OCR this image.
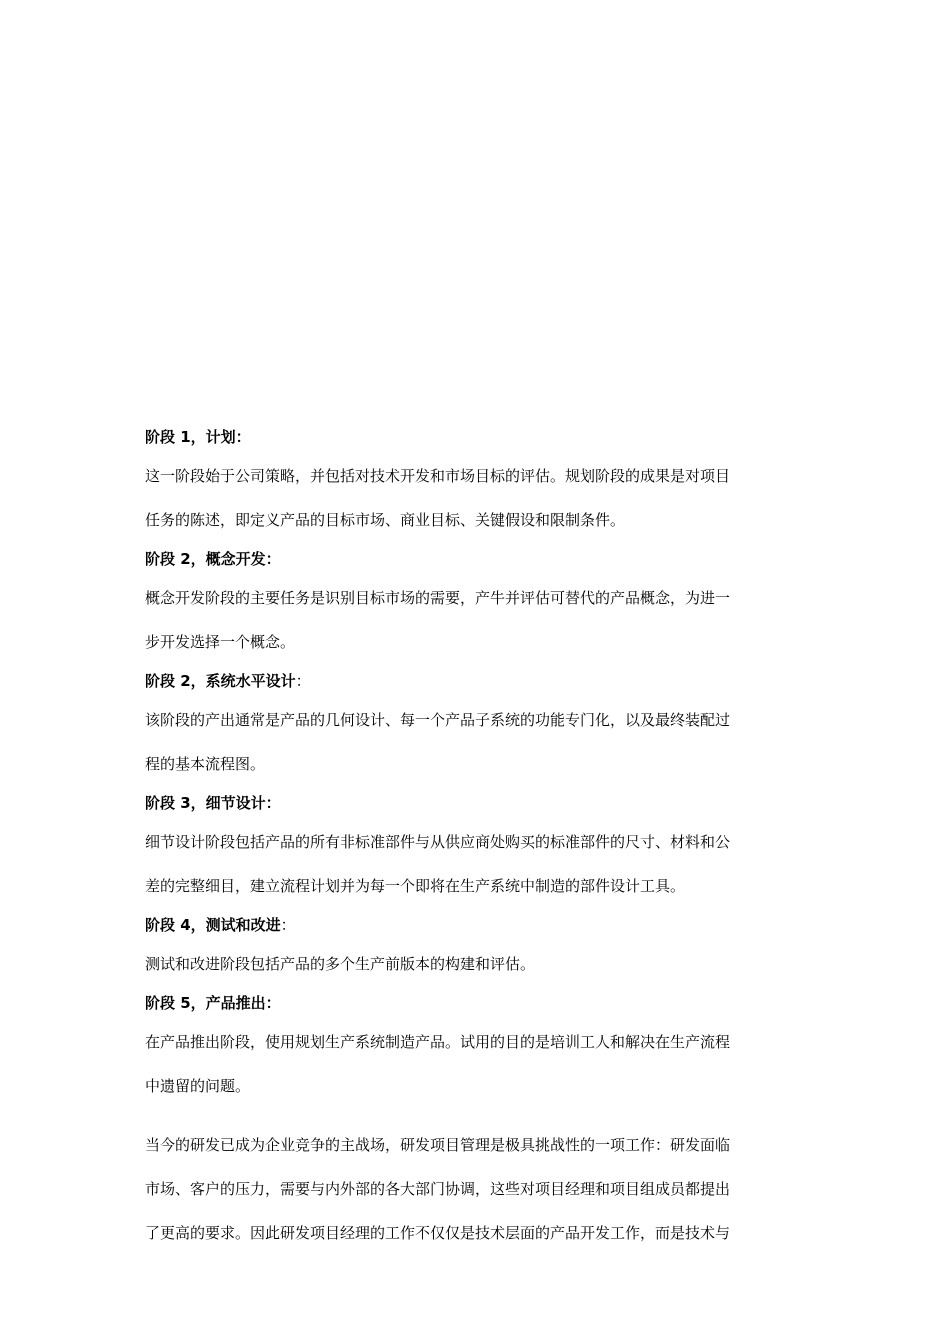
阶段 1，计划：

这一阶段始于公司策略，并包括对技术开发和市场目标的评估。规划阶段的成果是对项目
任务的陈述，即定义产品的目标市场、商业目标、关键假设和限制条件。

阶段 2，概念开发：

概念开发阶段的主要任务是识别目标市场的需要，产牛并评估可替代的产品概念，为进一
步开发选择一个概念。

阶段 2，系统水平设计：

该阶段的产出通常是产品的几何设计、每一个产品子系统的功能专门化，以及最终装配过
程的基本流程图。

阶段 3，细节设计：

细节设计阶段包括产品的所有非标准部件与从供应商处购买的标准部件的尺寸、材料和公
差的完整细目，建立流程计划并为每一个即将在生产系统中制造的部件设计工具。

阶段 4，测试和改进：

测试和改进阶段包括产品的多个生产前版本的构建和评估。

阶段 5，产品推出：

在产品推出阶段，使用规划生产系统制造产品。试用的目的是培训工人和解决在生产流程
中遗留的问题。

当今的研发已成为企业竞争的主战场，研发项目管理是极具挑战性的一项工作：研发面临
市场、客户的压力，需要与内外部的各大部门协调，这些对项目经理和项目组成员都提出
了更高的要求。因此研发项目经理的工作不仅仅是技术层面的产品开发工作，而是技术与
